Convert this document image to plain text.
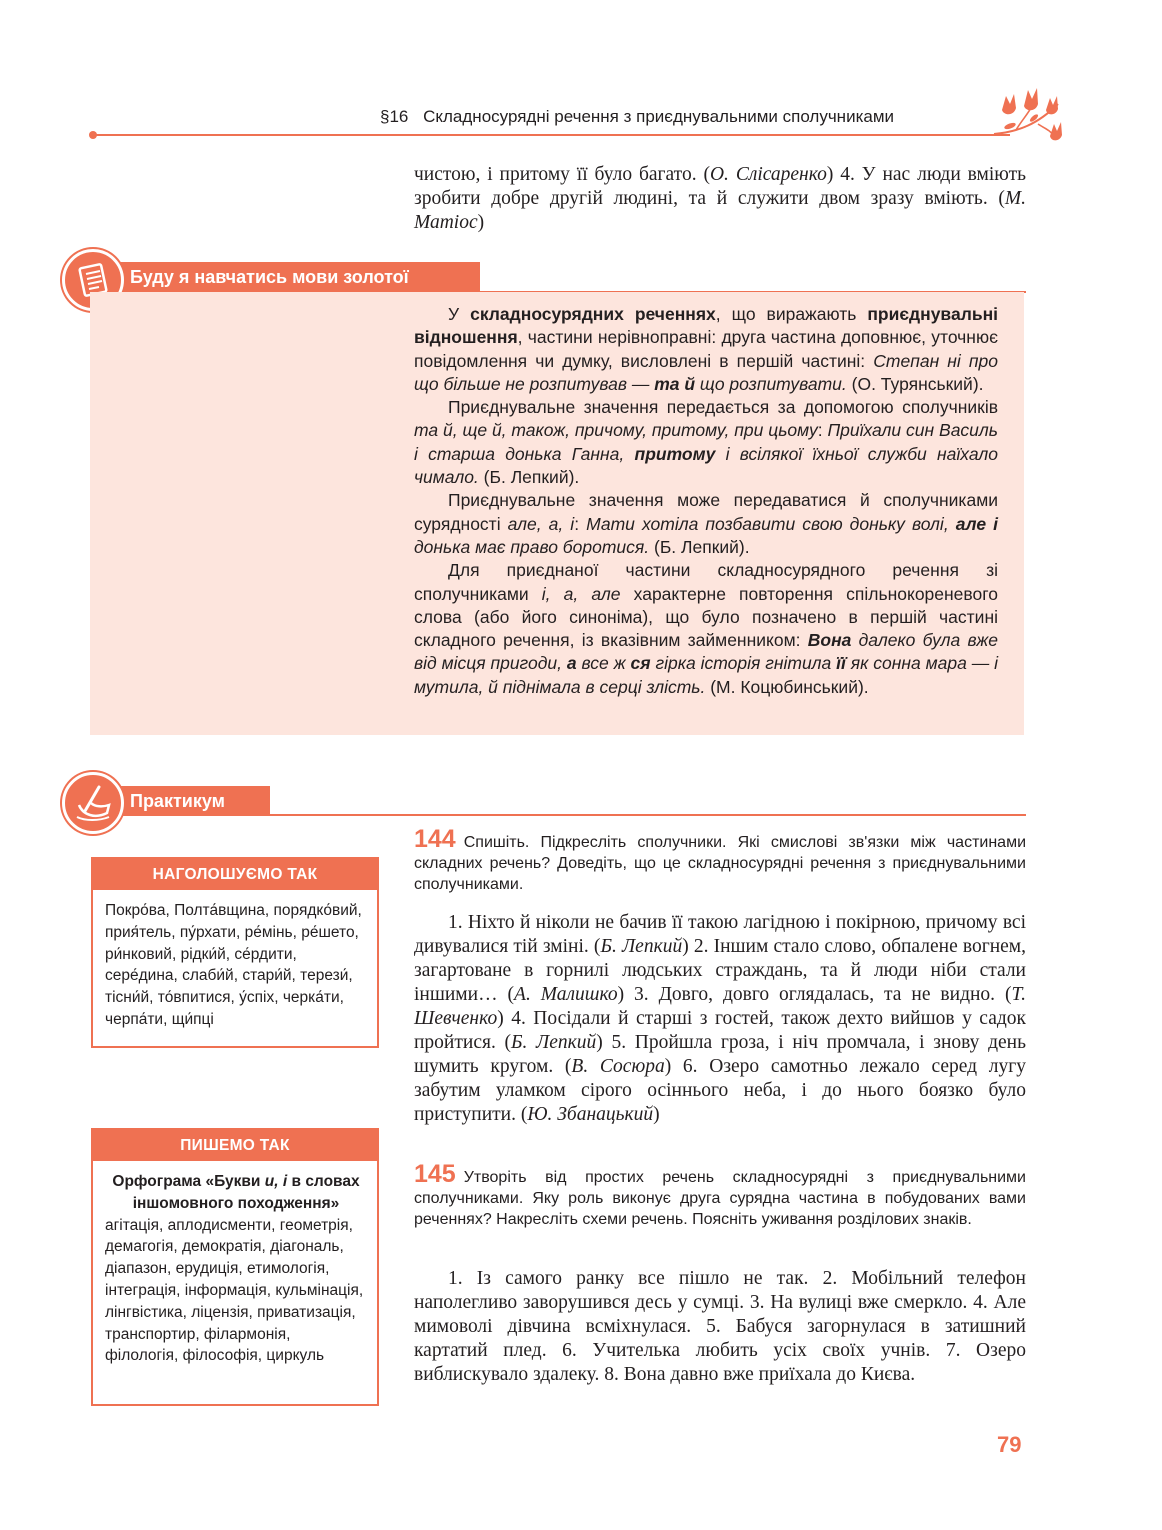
§16 Складносурядні речення з приєднувальними сполучниками

чистою, і притому її було багато. (О. Слісаренко) 4. У нас люди вміють зробити добре другій людині, та й служити двом зразу вміють. (М. Матіос)

Буду я навчатись мови золотої

У складносурядних реченнях, що виражають приєднувальні відношення, частини нерівноправні: друга частина доповнює, уточнює повідомлення чи думку, висловлені в першій частині: Степан ні про що більше не розпитував — та й що розпитувати. (О. Турянський).

Приєднувальне значення передається за допомогою сполучників та й, ще й, також, причому, притому, при цьому: Приїхали син Василь і старша донька Ганна, притому і всілякої їхньої служби наїхало чимало. (Б. Лепкий).

Приєднувальне значення може передаватися й сполучниками сурядності але, а, і: Мати хотіла позбавити свою доньку волі, але і донька має право боротися. (Б. Лепкий).

Для приєднаної частини складносурядного речення зі сполучниками і, а, але характерне повторення спільнокореневого слова (або його синоніма), що було позначено в першій частині складного речення, із вказівним займенником: Вона далеко була вже від місця пригоди, а все ж ся гірка історія гнітила її як сонна мара — і мутила, й піднімала в серці злість. (М. Коцюбинський).

Практикум
НАГОЛОШУЄМО ТАК
Покро́ва, Полта́вщина, порядко́вий, прия́тель, пу́рхати, ре́мінь, ре́шето, ри́нковий, рідки́й, се́рдити, сере́дина, слаби́й, стари́й, терези́, тісни́й, то́впитися, у́спіх, черка́ти, черпа́ти, щи́пці
ПИШЕМО ТАК
Орфограма «Букви и, і в словах іншомовного походження»
агітація, аплодисменти, геометрія, демагогія, демократія, діагональ, діапазон, ерудиція, етимологія, інтеграція, інформація, кульмінація, лінгвістика, ліцензія, приватизація, транспортир, філармонія, філологія, філософія, циркуль
144 Спишіть. Підкресліть сполучники. Які смислові зв'язки між частинами складних речень? Доведіть, що це складносурядні речення з приєднувальними сполучниками.

1. Ніхто й ніколи не бачив її такою лагідною і покірною, причому всі дивувалися тій зміні. (Б. Лепкий) 2. Іншим стало слово, обпалене вогнем, загартоване в горнилі людських страждань, та й люди ніби стали іншими… (А. Малишко) 3. Довго, довго оглядалась, та не видно. (Т. Шевченко) 4. Посідали й старші з гостей, також дехто вийшов у садок пройтися. (Б. Лепкий) 5. Пройшла гроза, і ніч промчала, і знову день шумить кругом. (В. Сосюра) 6. Озеро самотньо лежало серед лугу забутим уламком сірого осіннього неба, і до нього боязко було приступити. (Ю. Збанацький)

145 Утворіть від простих речень складносурядні з приєднувальними сполучниками. Яку роль виконує друга сурядна частина в побудованих вами реченнях? Накресліть схеми речень. Поясніть уживання розділових знаків.

1. Із самого ранку все пішло не так. 2. Мобільний телефон наполегливо заворушився десь у сумці. 3. На вулиці вже смеркло. 4. Але мимоволі дівчина всміхнулася. 5. Бабуся загорнулася в затишний картатий плед. 6. Учителька любить усіх своїх учнів. 7. Озеро виблискувало здалеку. 8. Вона давно вже приїхала до Києва.

79
